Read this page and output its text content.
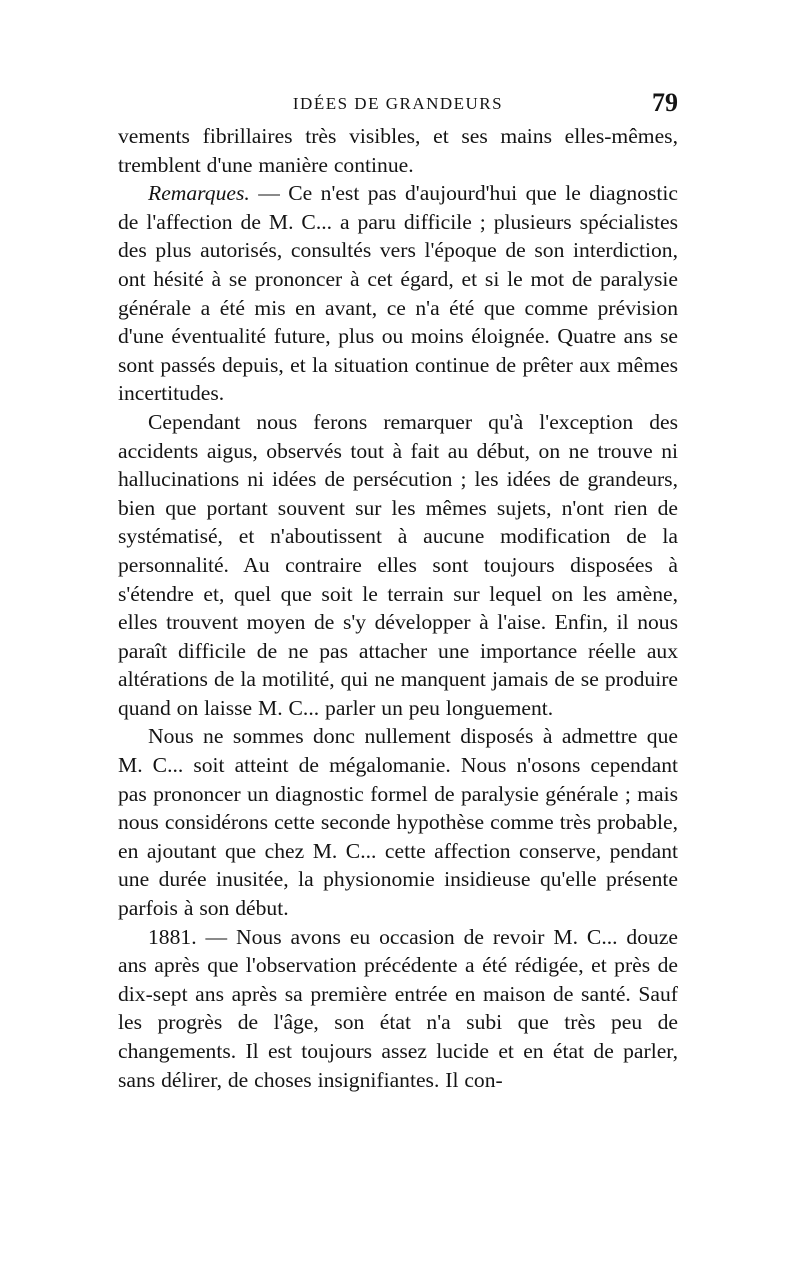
IDÉES DE GRANDEURS	79

vements fibrillaires très visibles, et ses mains elles-mêmes, tremblent d'une manière continue.

Remarques. — Ce n'est pas d'aujourd'hui que le diagnostic de l'affection de M. C... a paru difficile ; plusieurs spécialistes des plus autorisés, consultés vers l'époque de son interdiction, ont hésité à se prononcer à cet égard, et si le mot de paralysie générale a été mis en avant, ce n'a été que comme prévision d'une éventualité future, plus ou moins éloignée. Quatre ans se sont passés depuis, et la situation continue de prêter aux mêmes incertitudes.

Cependant nous ferons remarquer qu'à l'exception des accidents aigus, observés tout à fait au début, on ne trouve ni hallucinations ni idées de persécution ; les idées de grandeurs, bien que portant souvent sur les mêmes sujets, n'ont rien de systématisé, et n'aboutissent à aucune modification de la personnalité. Au contraire elles sont toujours disposées à s'étendre et, quel que soit le terrain sur lequel on les amène, elles trouvent moyen de s'y développer à l'aise. Enfin, il nous paraît difficile de ne pas attacher une importance réelle aux altérations de la motilité, qui ne manquent jamais de se produire quand on laisse M. C... parler un peu longuement.

Nous ne sommes donc nullement disposés à admettre que M. C... soit atteint de mégalomanie. Nous n'osons cependant pas prononcer un diagnostic formel de paralysie générale ; mais nous considérons cette seconde hypothèse comme très probable, en ajoutant que chez M. C... cette affection conserve, pendant une durée inusitée, la physionomie insidieuse qu'elle présente parfois à son début.

1881. — Nous avons eu occasion de revoir M. C... douze ans après que l'observation précédente a été rédigée, et près de dix-sept ans après sa première entrée en maison de santé. Sauf les progrès de l'âge, son état n'a subi que très peu de changements. Il est toujours assez lucide et en état de parler, sans délirer, de choses insignifiantes. Il con-
